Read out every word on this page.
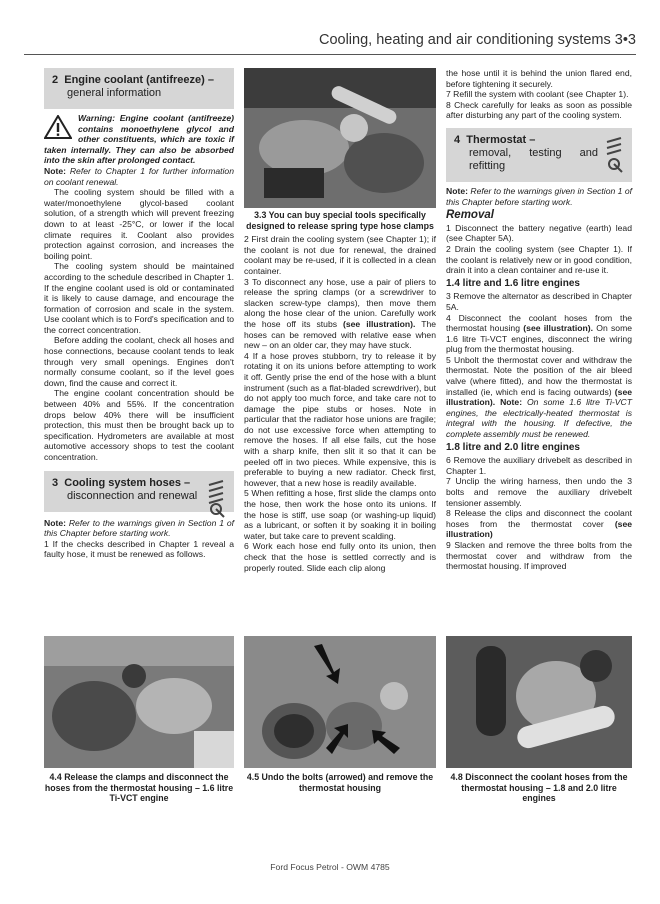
Cooling, heating and air conditioning systems 3•3
2 Engine coolant (antifreeze) –
general information

Warning: Engine coolant (antifreeze) contains monoethylene glycol and other constituents, which are toxic if taken internally. They can also be absorbed into the skin after prolonged contact.

Note: Refer to Chapter 1 for further information on coolant renewal.

The cooling system should be filled with a water/monoethylene glycol-based coolant solution, of a strength which will prevent freezing down to at least -25°C, or lower if the local climate requires it. Coolant also provides protection against corrosion, and increases the boiling point.

The cooling system should be maintained according to the schedule described in Chapter 1. If the engine coolant used is old or contaminated it is likely to cause damage, and encourage the formation of corrosion and scale in the system. Use coolant which is to Ford's specification and to the correct concentration.

Before adding the coolant, check all hoses and hose connections, because coolant tends to leak through very small openings. Engines don't normally consume coolant, so if the level goes down, find the cause and correct it.

The engine coolant concentration should be between 40% and 55%. If the concentration drops below 40% there will be insufficient protection, this must then be brought back up to specification. Hydrometers are available at most automotive accessory shops to test the coolant concentration.

3 Cooling system hoses –
disconnection and renewal

Note: Refer to the warnings given in Section 1 of this Chapter before starting work.

1 If the checks described in Chapter 1 reveal a faulty hose, it must be renewed as follows.

3.3 You can buy special tools specifically designed to release spring type hose clamps

2 First drain the cooling system (see Chapter 1); if the coolant is not due for renewal, the drained coolant may be re-used, if it is collected in a clean container.

3 To disconnect any hose, use a pair of pliers to release the spring clamps (or a screwdriver to slacken screw-type clamps), then move them along the hose clear of the union. Carefully work the hose off its stubs (see illustration). The hoses can be removed with relative ease when new – on an older car, they may have stuck.

4 If a hose proves stubborn, try to release it by rotating it on its unions before attempting to work it off. Gently prise the end of the hose with a blunt instrument (such as a flat-bladed screwdriver), but do not apply too much force, and take care not to damage the pipe stubs or hoses. Note in particular that the radiator hose unions are fragile; do not use excessive force when attempting to remove the hoses. If all else fails, cut the hose with a sharp knife, then slit it so that it can be peeled off in two pieces. While expensive, this is preferable to buying a new radiator. Check first, however, that a new hose is readily available.

5 When refitting a hose, first slide the clamps onto the hose, then work the hose onto its unions. If the hose is stiff, use soap (or washing-up liquid) as a lubricant, or soften it by soaking it in boiling water, but take care to prevent scalding.

6 Work each hose end fully onto its union, then check that the hose is settled correctly and is properly routed. Slide each clip along

the hose until it is behind the union flared end, before tightening it securely.

7 Refill the system with coolant (see Chapter 1).

8 Check carefully for leaks as soon as possible after disturbing any part of the cooling system.

4 Thermostat –
removal, testing and refitting

Note: Refer to the warnings given in Section 1 of this Chapter before starting work.

Removal

1 Disconnect the battery negative (earth) lead (see Chapter 5A).

2 Drain the cooling system (see Chapter 1). If the coolant is relatively new or in good condition, drain it into a clean container and re-use it.

1.4 litre and 1.6 litre engines

3 Remove the alternator as described in Chapter 5A.

4 Disconnect the coolant hoses from the thermostat housing (see illustration). On some 1.6 litre Ti-VCT engines, disconnect the wiring plug from the thermostat housing.

5 Unbolt the thermostat cover and withdraw the thermostat. Note the position of the air bleed valve (where fitted), and how the thermostat is installed (ie, which end is facing outwards) (see illustration). Note: On some 1.6 litre Ti-VCT engines, the electrically-heated thermostat is integral with the housing. If defective, the complete assembly must be renewed.

1.8 litre and 2.0 litre engines

6 Remove the auxiliary drivebelt as described in Chapter 1.

7 Unclip the wiring harness, then undo the 3 bolts and remove the auxiliary drivebelt tensioner assembly.

8 Release the clips and disconnect the coolant hoses from the thermostat cover (see illustration)

9 Slacken and remove the three bolts from the thermostat cover and withdraw from the thermostat housing. If improved

4.4 Release the clamps and disconnect the hoses from the thermostat housing – 1.6 litre Ti-VCT engine
4.5 Undo the bolts (arrowed) and remove the thermostat housing
4.8 Disconnect the coolant hoses from the thermostat housing – 1.8 and 2.0 litre engines
Ford Focus Petrol - OWM 4785
